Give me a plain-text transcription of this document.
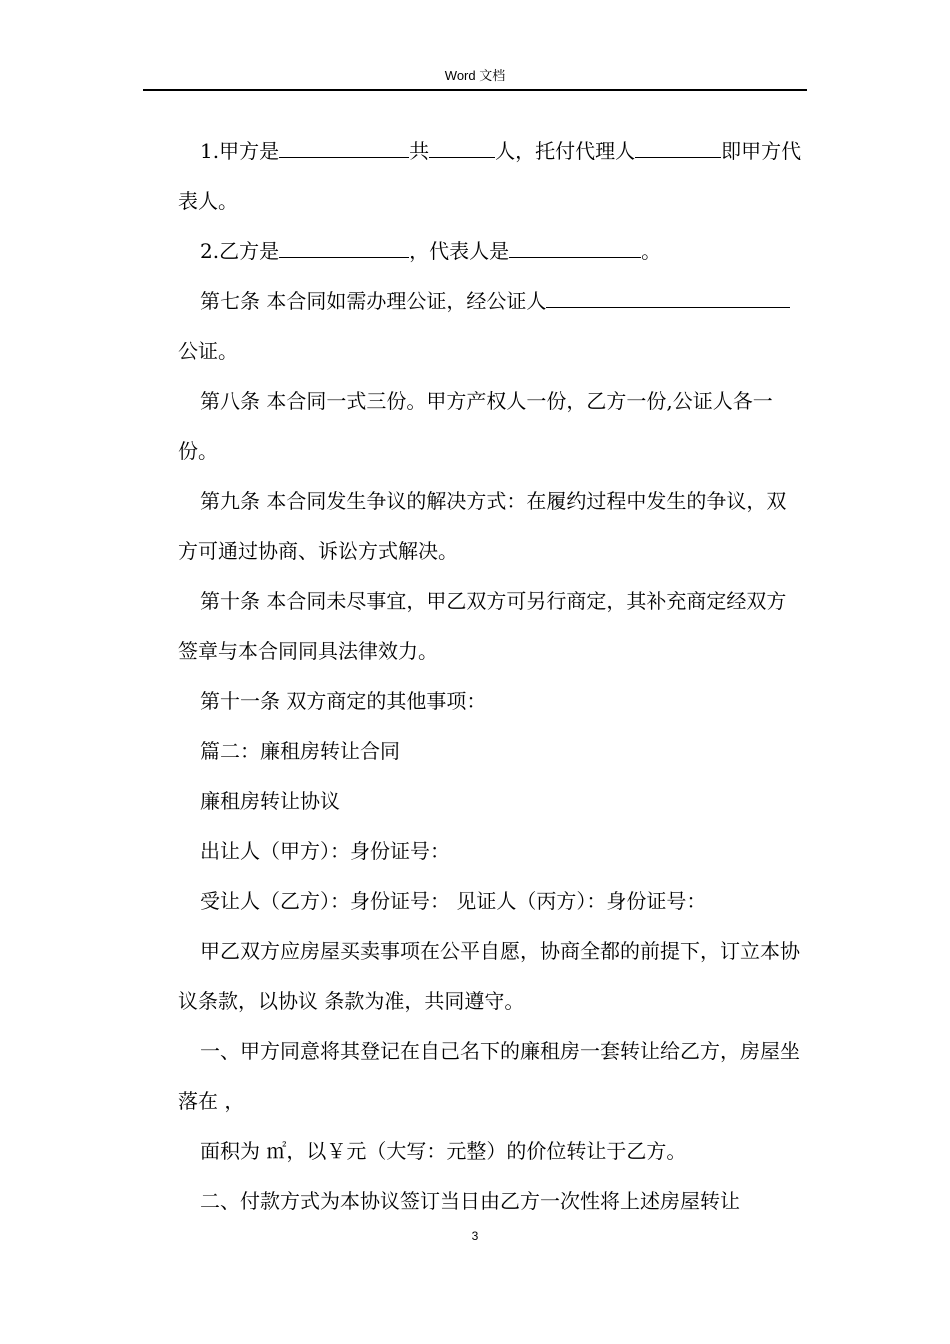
Word 文档

1.甲方是	共	人，托付代理人	即甲方代表人。

2.乙方是	，代表人是	。

第七条 本合同如需办理公证，经公证人公证。

第八条 本合同一式三份。甲方产权人一份，乙方一份,公证人各一份。

第九条 本合同发生争议的解决方式：在履约过程中发生的争议，双方可通过协商、诉讼方式解决。

第十条 本合同未尽事宜，甲乙双方可另行商定，其补充商定经双方签章与本合同同具法律效力。

第十一条 双方商定的其他事项：

篇二：廉租房转让合同

廉租房转让协议

出让人（甲方）：身份证号：

受让人（乙方）：身份证号： 见证人（丙方）：身份证号：

甲乙双方应房屋买卖事项在公平自愿，协商全都的前提下，订立本协议条款，以协议 条款为准，共同遵守。

一、甲方同意将其登记在自己名下的廉租房一套转让给乙方，房屋坐落在 ，

面积为 ㎡，以￥元（大写：元整）的价位转让于乙方。

二、付款方式为本协议签订当日由乙方一次性将上述房屋转让

3
